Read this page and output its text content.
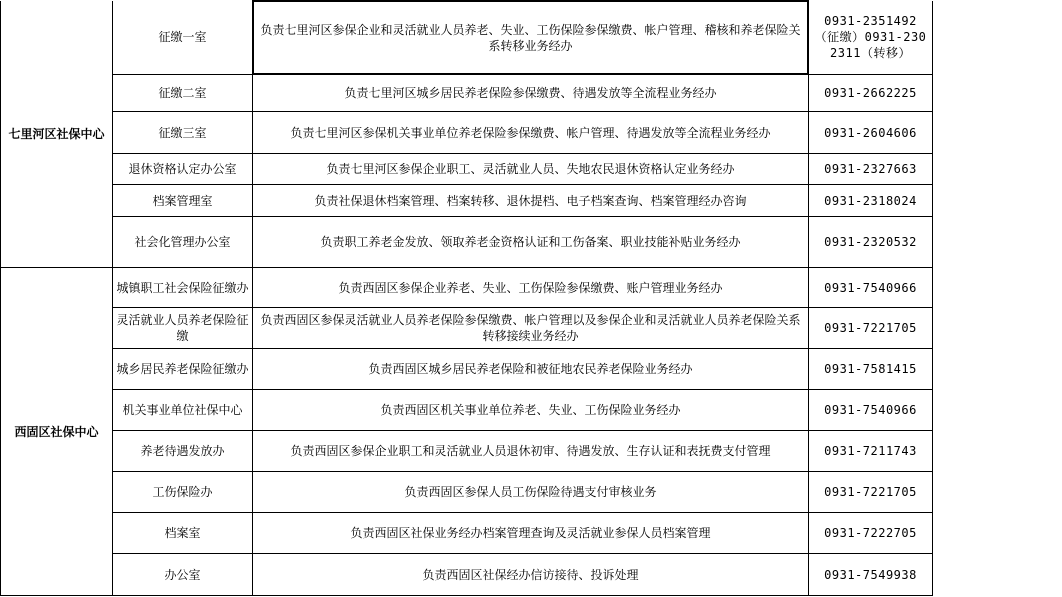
七里河区社保中心	征缴一室	负责七里河区参保企业和灵活就业人员养老、失业、工伤保险参保缴费、帐户管理、稽核和养老保险关系转移业务经办	0931-2351492（征缴）0931-2302311（转移）	
	征缴二室	负责七里河区城乡居民养老保险参保缴费、待遇发放等全流程业务经办	0931-2662225	
	征缴三室	负责七里河区参保机关事业单位养老保险参保缴费、帐户管理、待遇发放等全流程业务经办	0931-2604606	
	退休资格认定办公室	负责七里河区参保企业职工、灵活就业人员、失地农民退休资格认定业务经办	0931-2327663	
	档案管理室	负责社保退休档案管理、档案转移、退休提档、电子档案查询、档案管理经办咨询	0931-2318024	
	社会化管理办公室	负责职工养老金发放、领取养老金资格认证和工伤备案、职业技能补贴业务经办	0931-2320532	
西固区社保中心	城镇职工社会保险征缴办	负责西固区参保企业养老、失业、工伤保险参保缴费、账户管理业务经办	0931-7540966	
	灵活就业人员养老保险征缴	负责西固区参保灵活就业人员养老保险参保缴费、帐户管理以及参保企业和灵活就业人员养老保险关系转移接续业务经办	0931-7221705	
	城乡居民养老保险征缴办	负责西固区城乡居民养老保险和被征地农民养老保险业务经办	0931-7581415	
	机关事业单位社保中心	负责西固区机关事业单位养老、失业、工伤保险业务经办	0931-7540966	
	养老待遇发放办	负责西固区参保企业职工和灵活就业人员退休初审、待遇发放、生存认证和表抚费支付管理	0931-7211743	
	工伤保险办	负责西固区参保人员工伤保险待遇支付审核业务	0931-7221705	
	档案室	负责西固区社保业务经办档案管理查询及灵活就业参保人员档案管理	0931-7222705	
	办公室	负责西固区社保经办信访接待、投诉处理	0931-7549938	
